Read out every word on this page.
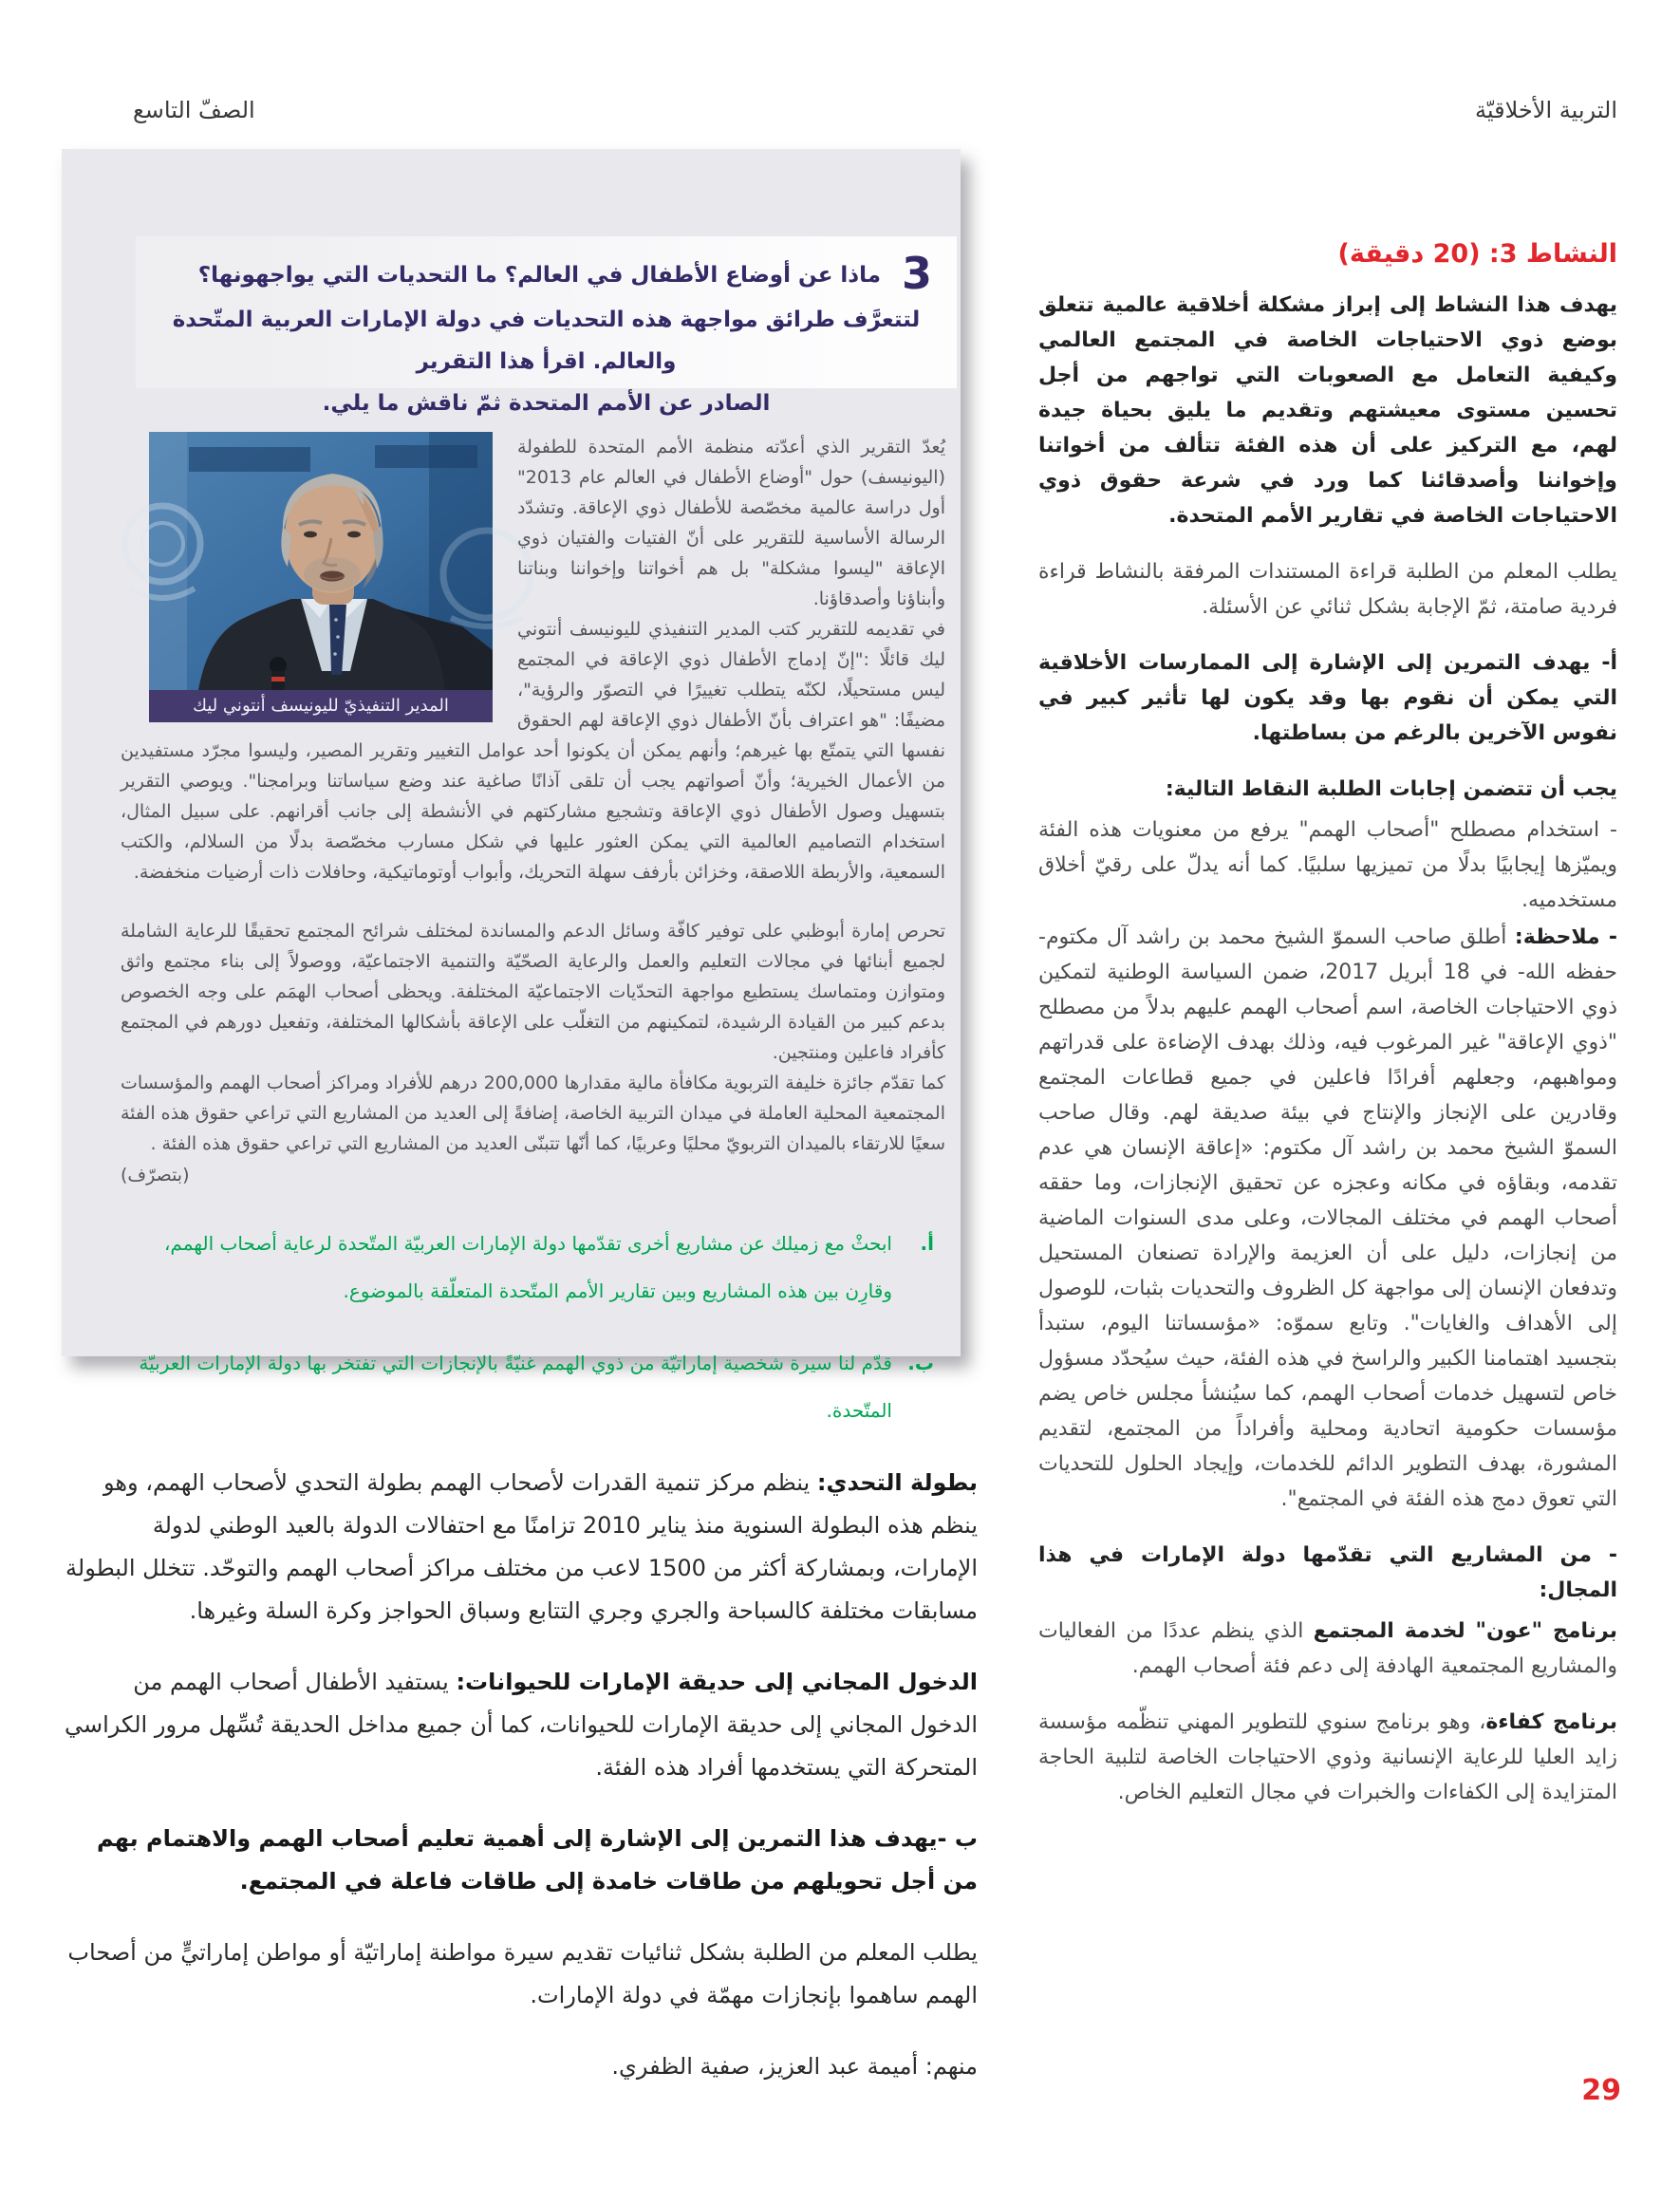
التربية الأخلاقيّة
الصفّ التاسع
3
ماذا عن أوضاع الأطفال في العالم؟ ما التحديات التي يواجهونها؟
لتتعرَّف طرائق مواجهة هذه التحديات في دولة الإمارات العربية المتّحدة والعالم. اقرأ هذا التقرير
الصادر عن الأمم المتحدة ثمّ ناقش ما يلي.
المدير التنفيذيّ لليونيسف أنتوني ليك

يُعدّ التقرير الذي أعدّته منظمة الأمم المتحدة للطفولة (اليونيسف) حول "أوضاع الأطفال في العالم عام 2013" أول دراسة عالمية مخصّصة للأطفال ذوي الإعاقة. وتشدّد الرسالة الأساسية للتقرير على أنّ الفتيات والفتيان ذوي الإعاقة "ليسوا مشكلة" بل هم أخواتنا وإخواننا وبناتنا وأبناؤنا وأصدقاؤنا.

في تقديمه للتقرير كتب المدير التنفيذي لليونيسف أنتوني ليك قائلًا :"إنّ إدماج الأطفال ذوي الإعاقة في المجتمع ليس مستحيلًا، لكنّه يتطلب تغييرًا في التصوّر والرؤية"، مضيفًا: "هو اعتراف بأنّ الأطفال ذوي الإعاقة لهم الحقوق نفسها التي يتمتّع بها غيرهم؛ وأنهم يمكن أن يكونوا أحد عوامل التغيير وتقرير المصير، وليسوا مجرّد مستفيدين من الأعمال الخيرية؛ وأنّ أصواتهم يجب أن تلقى آذانًا صاغية عند وضع سياساتنا وبرامجنا". ويوصي التقرير بتسهيل وصول الأطفال ذوي الإعاقة وتشجيع مشاركتهم في الأنشطة إلى جانب أقرانهم. على سبيل المثال، استخدام التصاميم العالمية التي يمكن العثور عليها في شكل مسارب مخصّصة بدلًا من السلالم، والكتب السمعية، والأربطة اللاصقة، وخزائن بأرفف سهلة التحريك، وأبواب أوتوماتيكية، وحافلات ذات أرضيات منخفضة.

تحرص إمارة أبوظبي على توفير كافّة وسائل الدعم والمساندة لمختلف شرائح المجتمع تحقيقًا للرعاية الشاملة لجميع أبنائها في مجالات التعليم والعمل والرعاية الصحّيّة والتنمية الاجتماعيّة، ووصولاً إلى بناء مجتمع واثق ومتوازن ومتماسك يستطيع مواجهة التحدّيات الاجتماعيّة المختلفة. ويحظى أصحاب الهمَم على وجه الخصوص بدعم كبير من القيادة الرشيدة، لتمكينهم من التغلّب على الإعاقة بأشكالها المختلفة، وتفعيل دورهم في المجتمع كأفراد فاعلين ومنتجين.

كما تقدّم جائزة خليفة التربوية مكافأة مالية مقدارها 200,000 درهم للأفراد ومراكز أصحاب الهمم والمؤسسات المجتمعية المحلية العاملة في ميدان التربية الخاصة، إضافةً إلى العديد من المشاريع التي تراعي حقوق هذه الفئة سعيًا للارتقاء بالميدان التربويّ محليًا وعربيًا، كما أنّها تتبنّى العديد من المشاريع التي تراعي حقوق هذه الفئة .

(بتصرّف)

أ.
ابحثْ مع زميلك عن مشاريع أخرى تقدّمها دولة الإمارات العربيّة المتّحدة لرعاية أصحاب الهمم، وقارِن بين هذه المشاريع وبين تقارير الأمم المتّحدة المتعلّقة بالموضوع.

ب.
قدّم لنا سيرة شخصية إماراتيّة من ذوي الهمم غنيّةً بالإنجازات التي تفتخر بها دولة الإمارات العربيّة المتّحدة.

بطولة التحدي: ينظم مركز تنمية القدرات لأصحاب الهمم بطولة التحدي لأصحاب الهمم، وهو ينظم هذه البطولة السنوية منذ يناير 2010 تزامنًا مع احتفالات الدولة بالعيد الوطني لدولة الإمارات، وبمشاركة أكثر من 1500 لاعب من مختلف مراكز أصحاب الهمم والتوحّد. تتخلل البطولة مسابقات مختلفة كالسباحة والجري وجري التتابع وسباق الحواجز وكرة السلة وغيرها.

الدخول المجاني إلى حديقة الإمارات للحيوانات: يستفيد الأطفال أصحاب الهمم من الدخول المجاني إلى حديقة الإمارات للحيوانات، كما أن جميع مداخل الحديقة تُسِّهل مرور الكراسي المتحركة التي يستخدمها أفراد هذه الفئة.

ب -يهدف هذا التمرين إلى الإشارة إلى أهمية تعليم أصحاب الهمم والاهتمام بهم من أجل تحويلهم من طاقات خامدة إلى طاقات فاعلة في المجتمع.

يطلب المعلم من الطلبة بشكل ثنائيات تقديم سيرة مواطنة إماراتيّة أو مواطن إماراتيٍّ من أصحاب الهمم ساهموا بإنجازات مهمّة في دولة الإمارات.

منهم: أميمة عبد العزيز، صفية الظفري.

النشاط 3: (20 دقيقة)

يهدف هذا النشاط إلى إبراز مشكلة أخلاقية عالمية تتعلق بوضع ذوي الاحتياجات الخاصة في المجتمع العالمي وكيفية التعامل مع الصعوبات التي تواجهم من أجل تحسين مستوى معيشتهم وتقديم ما يليق بحياة جيدة لهم، مع التركيز على أن هذه الفئة تتألف من أخواتنا وإخواننا وأصدقائنا كما ورد في شرعة حقوق ذوي الاحتياجات الخاصة في تقارير الأمم المتحدة.

يطلب المعلم من الطلبة قراءة المستندات المرفقة بالنشاط قراءة فردية صامتة، ثمّ الإجابة بشكل ثنائي عن الأسئلة.

أ- يهدف التمرين إلى الإشارة إلى الممارسات الأخلاقية التي يمكن أن نقوم بها وقد يكون لها تأثير كبير في نفوس الآخرين بالرغم من بساطتها.

يجب أن تتضمن إجابات الطلبة النقاط التالية:

- استخدام مصطلح "أصحاب الهمم" يرفع من معنويات هذه الفئة ويميّزها إيجابيًا بدلًا من تميزيها سلبيًا. كما أنه يدلّ على رقيّ أخلاق مستخدميه.

- ملاحظة: أطلق صاحب السموّ الشيخ محمد بن راشد آل مكتوم- حفظه الله- في 18 أبريل 2017، ضمن السياسة الوطنية لتمكين ذوي الاحتياجات الخاصة، اسم أصحاب الهمم عليهم بدلاً من مصطلح "ذوي الإعاقة" غير المرغوب فيه، وذلك بهدف الإضاءة على قدراتهم ومواهبهم، وجعلهم أفرادًا فاعلين في جميع قطاعات المجتمع وقادرين على الإنجاز والإنتاج في بيئة صديقة لهم. وقال صاحب السموّ الشيخ محمد بن راشد آل مكتوم: «إعاقة الإنسان هي عدم تقدمه، وبقاؤه في مكانه وعجزه عن تحقيق الإنجازات، وما حققه أصحاب الهمم في مختلف المجالات، وعلى مدى السنوات الماضية من إنجازات، دليل على أن العزيمة والإرادة تصنعان المستحيل وتدفعان الإنسان إلى مواجهة كل الظروف والتحديات بثبات، للوصول إلى الأهداف والغايات". وتابع سموّه: «مؤسساتنا اليوم، ستبدأ بتجسيد اهتمامنا الكبير والراسخ في هذه الفئة، حيث سيُحدّد مسؤول خاص لتسهيل خدمات أصحاب الهمم، كما سيُنشأ مجلس خاص يضم مؤسسات حكومية اتحادية ومحلية وأفراداً من المجتمع، لتقديم المشورة، بهدف التطوير الدائم للخدمات، وإيجاد الحلول للتحديات التي تعوق دمج هذه الفئة في المجتمع".

- من المشاريع التي تقدّمها دولة الإمارات في هذا المجال:

برنامج "عون" لخدمة المجتمع الذي ينظم عددًا من الفعاليات والمشاريع المجتمعية الهادفة إلى دعم فئة أصحاب الهمم.

برنامج كفاءة، وهو برنامج سنوي للتطوير المهني تنظّمه مؤسسة زايد العليا للرعاية الإنسانية وذوي الاحتياجات الخاصة لتلبية الحاجة المتزايدة إلى الكفاءات والخبرات في مجال التعليم الخاص.

29
